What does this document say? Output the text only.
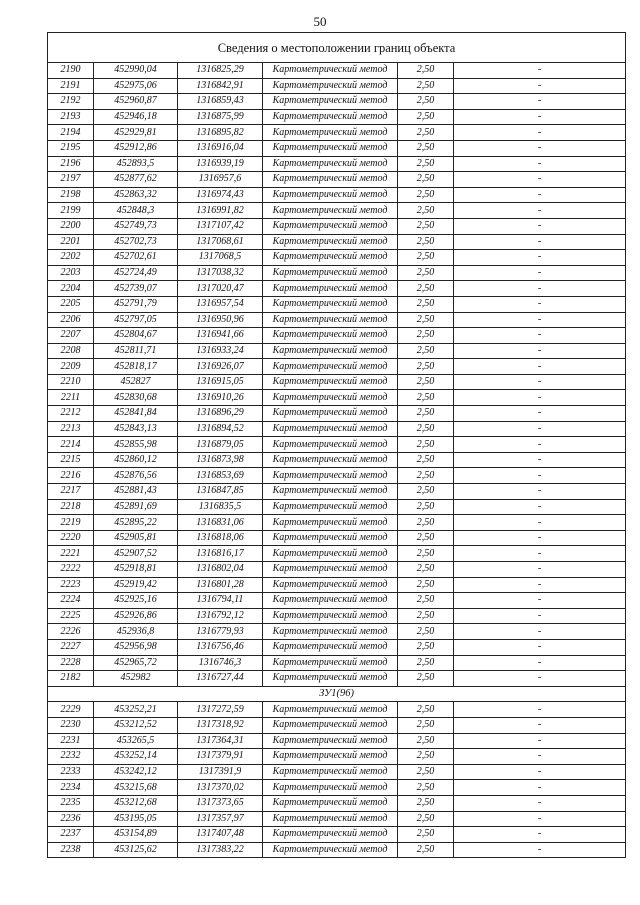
50
Сведения о местоположении границ объекта					
2190	452990,04	1316825,29	Картометрический метод	2,50	-
2191	452975,06	1316842,91	Картометрический метод	2,50	-
2192	452960,87	1316859,43	Картометрический метод	2,50	-
2193	452946,18	1316875,99	Картометрический метод	2,50	-
2194	452929,81	1316895,82	Картометрический метод	2,50	-
2195	452912,86	1316916,04	Картометрический метод	2,50	-
2196	452893,5	1316939,19	Картометрический метод	2,50	-
2197	452877,62	1316957,6	Картометрический метод	2,50	-
2198	452863,32	1316974,43	Картометрический метод	2,50	-
2199	452848,3	1316991,82	Картометрический метод	2,50	-
2200	452749,73	1317107,42	Картометрический метод	2,50	-
2201	452702,73	1317068,61	Картометрический метод	2,50	-
2202	452702,61	1317068,5	Картометрический метод	2,50	-
2203	452724,49	1317038,32	Картометрический метод	2,50	-
2204	452739,07	1317020,47	Картометрический метод	2,50	-
2205	452791,79	1316957,54	Картометрический метод	2,50	-
2206	452797,05	1316950,96	Картометрический метод	2,50	-
2207	452804,67	1316941,66	Картометрический метод	2,50	-
2208	452811,71	1316933,24	Картометрический метод	2,50	-
2209	452818,17	1316926,07	Картометрический метод	2,50	-
2210	452827	1316915,05	Картометрический метод	2,50	-
2211	452830,68	1316910,26	Картометрический метод	2,50	-
2212	452841,84	1316896,29	Картометрический метод	2,50	-
2213	452843,13	1316894,52	Картометрический метод	2,50	-
2214	452855,98	1316879,05	Картометрический метод	2,50	-
2215	452860,12	1316873,98	Картометрический метод	2,50	-
2216	452876,56	1316853,69	Картометрический метод	2,50	-
2217	452881,43	1316847,85	Картометрический метод	2,50	-
2218	452891,69	1316835,5	Картометрический метод	2,50	-
2219	452895,22	1316831,06	Картометрический метод	2,50	-
2220	452905,81	1316818,06	Картометрический метод	2,50	-
2221	452907,52	1316816,17	Картометрический метод	2,50	-
2222	452918,81	1316802,04	Картометрический метод	2,50	-
2223	452919,42	1316801,28	Картометрический метод	2,50	-
2224	452925,16	1316794,11	Картометрический метод	2,50	-
2225	452926,86	1316792,12	Картометрический метод	2,50	-
2226	452936,8	1316779,93	Картометрический метод	2,50	-
2227	452956,98	1316756,46	Картометрический метод	2,50	-
2228	452965,72	1316746,3	Картометрический метод	2,50	-
2182	452982	1316727,44	Картометрический метод	2,50	-
ЗУ1(96)					
2229	453252,21	1317272,59	Картометрический метод	2,50	-
2230	453212,52	1317318,92	Картометрический метод	2,50	-
2231	453265,5	1317364,31	Картометрический метод	2,50	-
2232	453252,14	1317379,91	Картометрический метод	2,50	-
2233	453242,12	1317391,9	Картометрический метод	2,50	-
2234	453215,68	1317370,02	Картометрический метод	2,50	-
2235	453212,68	1317373,65	Картометрический метод	2,50	-
2236	453195,05	1317357,97	Картометрический метод	2,50	-
2237	453154,89	1317407,48	Картометрический метод	2,50	-
2238	453125,62	1317383,22	Картометрический метод	2,50	-
